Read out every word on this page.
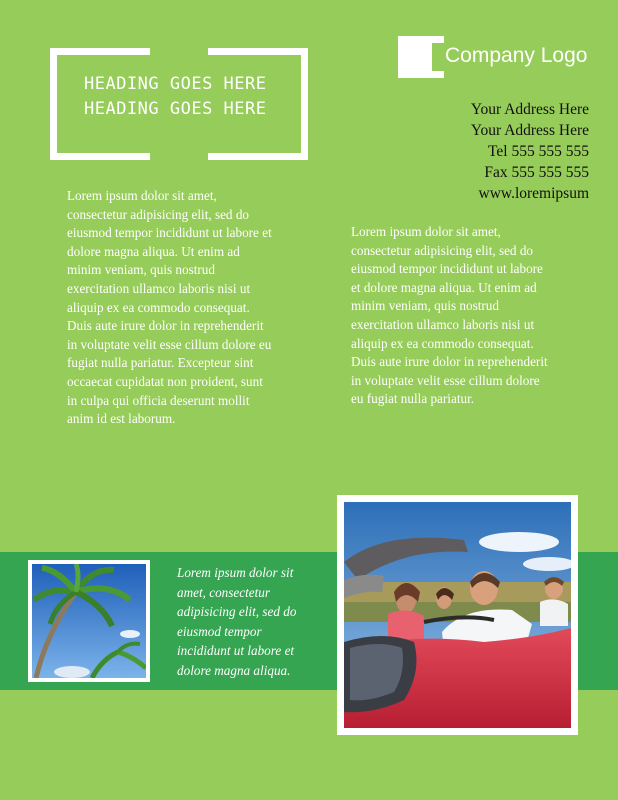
HEADING GOES HERE
HEADING GOES HERE
Company Logo
Your Address Here
Your Address Here
Tel 555 555 555
Fax 555 555 555
www.loremipsum

Lorem ipsum dolor sit amet, consectetur adipisicing elit, sed do eiusmod tempor incididunt ut labore et dolore magna aliqua. Ut enim ad minim veniam, quis nostrud exercitation ullamco laboris nisi ut aliquip ex ea commodo consequat. Duis aute irure dolor in reprehenderit in voluptate velit esse cillum dolore eu fugiat nulla pariatur. Excepteur sint occaecat cupidatat non proident, sunt in culpa qui officia deserunt mollit anim id est laborum.

Lorem ipsum dolor sit amet, consectetur adipisicing elit, sed do eiusmod tempor incididunt ut labore et dolore magna aliqua. Ut enim ad minim veniam, quis nostrud exercitation ullamco laboris nisi ut aliquip ex ea commodo consequat. Duis aute irure dolor in reprehenderit in voluptate velit esse cillum dolore eu fugiat nulla pariatur.

Lorem ipsum dolor sit amet, consectetur adipisicing elit, sed do eiusmod tempor incididunt ut labore et dolore magna aliqua.
